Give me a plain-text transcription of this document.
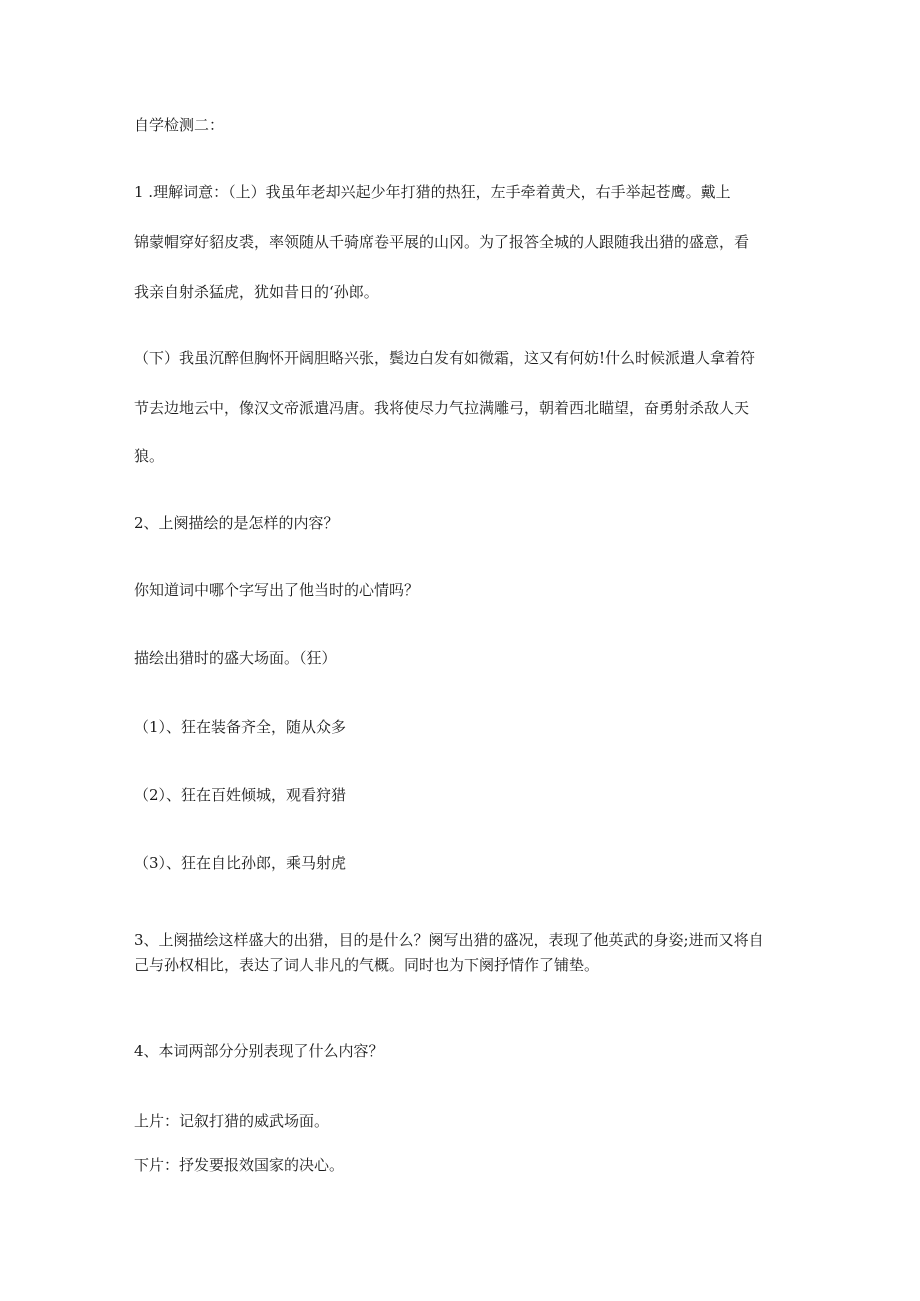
自学检测二：
1 .理解词意：（上）我虽年老却兴起少年打猎的热狂，左手牵着黄犬，右手举起苍鹰。戴上
锦蒙帽穿好貂皮裘，率领随从千骑席卷平展的山冈。为了报答全城的人跟随我出猎的盛意，看
我亲自射杀猛虎，犹如昔日的‘孙郎。
（下）我虽沉醉但胸怀开阔胆略兴张，鬓边白发有如微霜，这又有何妨!什么时候派遣人拿着符
节去边地云中，像汉文帝派遣冯唐。我将使尽力气拉满雕弓，朝着西北瞄望，奋勇射杀敌人天
狼。
2、上阕描绘的是怎样的内容？
你知道词中哪个字写出了他当时的心情吗？
描绘出猎时的盛大场面。（狂）
（1）、狂在装备齐全，随从众多
（2）、狂在百姓倾城，观看狩猎
（3）、狂在自比孙郎，乘马射虎
3、上阕描绘这样盛大的出猎，目的是什么？阕写出猎的盛况，表现了他英武的身姿;进而又将自
己与孙权相比，表达了词人非凡的气概。同时也为下阕抒情作了铺垫。
4、本词两部分分别表现了什么内容？
上片：记叙打猎的威武场面。
下片：抒发要报效国家的决心。
